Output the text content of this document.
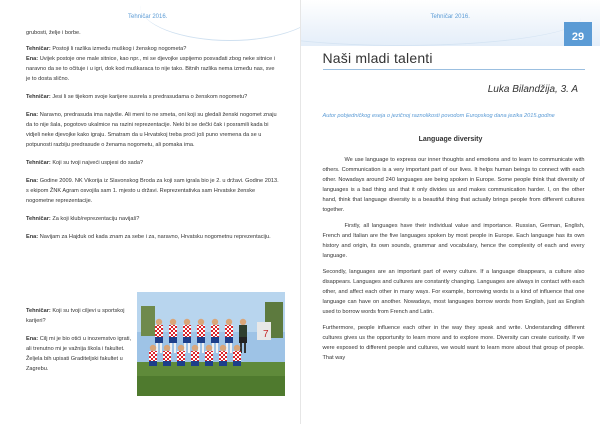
Tehničar 2016.

grubosti, želje i borbe.

Tehničar: Postoji li razlika između muškog i ženskog nogometa?

Ena: Uvijek postoje one male sitnice, kao npr., mi se djevojke uspijemo posvađati zbog neke sitnice i naravno da se to očituje i u igri, dok kod muškaraca to nije tako. Bitnih razlika nema između nas, sve je to dosta slično.

Tehničar: Jesi li se tijekom svoje karijere susrela s predrasudama o ženskom nogometu?

Ena: Naravno, predrasuda ima najviše. Ali meni to ne smeta, oni koji su gledali ženski nogomet znaju da to nije šala, pogotovo ukalmice na razini reprezentacije. Neki bi se dečki čak i posramili kada bi vidjeli neke djevojke kako igraju. Smatram da u Hrvatskoj treba proći još puno vremena da se u potpunosti razbiju predrasude o ženama nogometu, ali pomaka ima.

Tehničar: Koji su tvoji najveći uspjesi do sada?

Ena: Godine 2009. NK Vikorija iz Slavonskog Broda za koji sam igrala bio je 2. u državi. Godine 2013. s ekipom ŽNK Agram osvojila sam 1. mjesto u državi. Reprezentativka sam Hrvatske ženske nogometne reprezentacije.

Tehničar: Za koji klub/reprezentaciju navijaš?

Ena: Navijam za Hajduk od kada znam za sebe i za, naravno, Hrvatsku nogometnu reprezentaciju.

Tehničar: Koji su tvoji ciljevi u sportskoj karijeri?

Ena: Cilj mi je bio otići u inozemstvo igrati, ali trenutno mi je važnija škola i fakultet. Željela bih upisati Graditeljski fakultet u Zagrebu.

7
Tehničar 2016.
29
Naši mladi talenti
Luka Bilandžija, 3. A
Autor pobjedničkog eseja o jezičnoj raznolikosti povodom Europskog dana jezika 2015.godine
Language diversity

We use language to express our inner thoughts and emotions and to learn to communicate with others. Communication is a very important part of our lives. It helps human beings to connect with each other. Nowadays around 240 languages are being spoken in Europe. Some people think that diversity of languages is a bad thing and that it only divides us and makes communication harder. I, on the other hand, think that language diversity is a beautiful thing that actually brings people from different cultures together.

Firstly, all languages have their individual value and importance. Russian, German, English, French and Italian are the five languages spoken by most people in Europe. Each language has its own history and origin, its own sounds, grammar and vocabulary, hence the complexity of each and every language.

Secondly, languages are an important part of every culture. If a language disappears, a culture also disappears. Languages and cultures are constantly changing. Languages are always in contact with each other, and affect each other in many ways. For example, borrowing words is a kind of influence that one language can have on another. Nowadays, most languages borrow words from English, just as English used to borrow words from French and Latin.

Furthermore, people influence each other in the way they speak and write. Understanding different cultures gives us the opportunity to learn more and to explore more. Diversity can create curiosity. If we were exposed to different people and cultures, we would want to learn more about that group of people. That way
